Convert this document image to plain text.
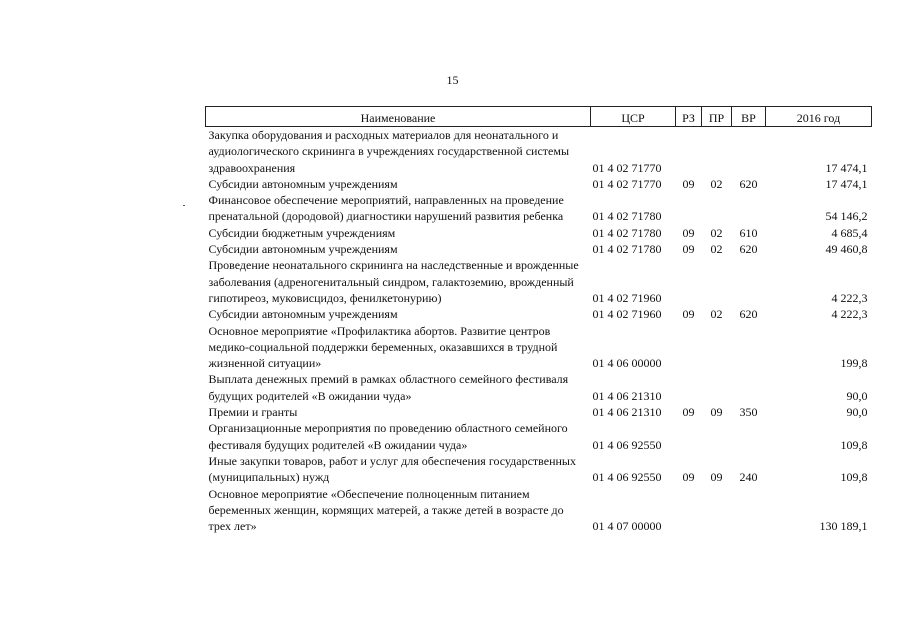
15
Наименование	ЦСР	РЗ	ПР	ВР	2016 год
Закупка оборудования и расходных материалов для неонатального и аудиологического скрининга в учреждениях государственной системы здравоохранения	01 4 02 71770				17 474,1
Субсидии автономным учреждениям	01 4 02 71770	09	02	620	17 474,1
Финансовое обеспечение мероприятий, направленных на проведение пренатальной (дородовой) диагностики нарушений развития ребенка	01 4 02 71780				54 146,2
Субсидии бюджетным учреждениям	01 4 02 71780	09	02	610	4 685,4
Субсидии автономным учреждениям	01 4 02 71780	09	02	620	49 460,8
Проведение неонатального скрининга на наследственные и врожденные заболевания (адреногенитальный синдром, галактоземию, врожденный гипотиреоз, муковисцидоз, фенилкетонурию)	01 4 02 71960				4 222,3
Субсидии автономным учреждениям	01 4 02 71960	09	02	620	4 222,3
Основное мероприятие «Профилактика абортов. Развитие центров медико-социальной поддержки беременных, оказавшихся в трудной жизненной ситуации»	01 4 06 00000				199,8
Выплата денежных премий в рамках областного семейного фестиваля будущих родителей «В ожидании чуда»	01 4 06 21310				90,0
Премии и гранты	01 4 06 21310	09	09	350	90,0
Организационные мероприятия по проведению областного семейного фестиваля будущих родителей «В ожидании чуда»	01 4 06 92550				109,8
Иные закупки товаров, работ и услуг для обеспечения государственных (муниципальных) нужд	01 4 06 92550	09	09	240	109,8
Основное мероприятие «Обеспечение полноценным питанием беременных женщин, кормящих матерей, а также детей в возрасте до трех лет»	01 4 07 00000				130 189,1
